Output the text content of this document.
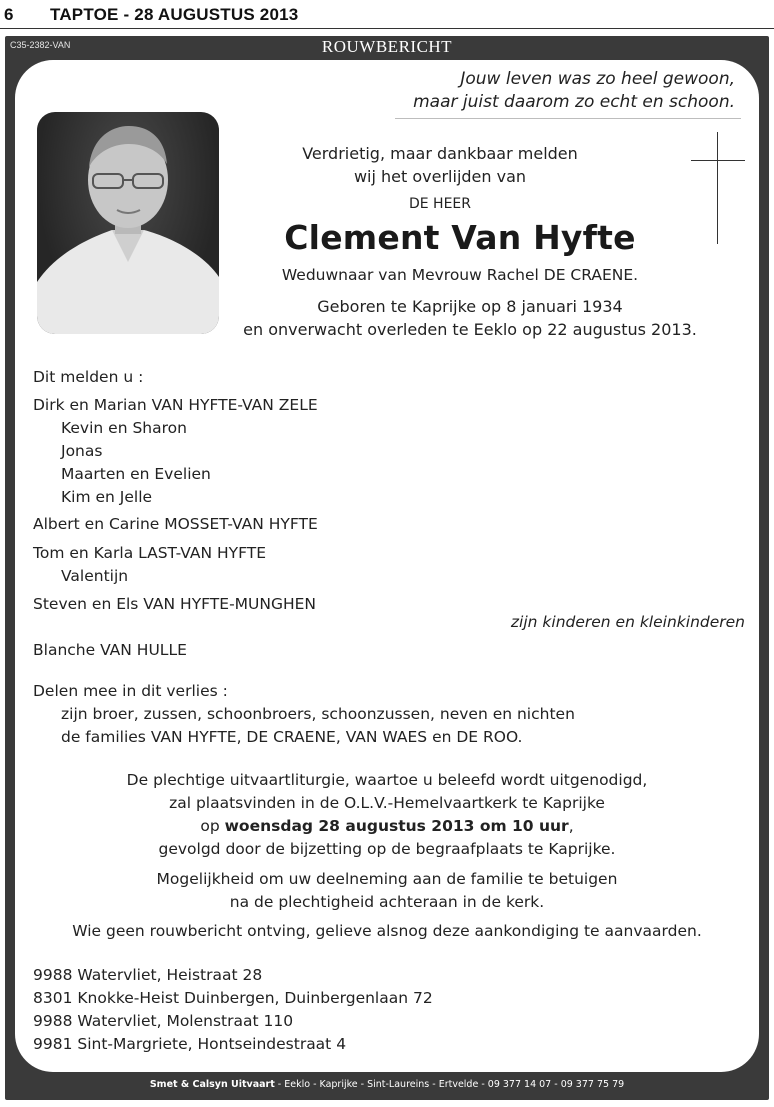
6 TAPTOE - 28 AUGUSTUS 2013
C35-2382-VAN	ROUWBERICHT
Jouw leven was zo heel gewoon,
maar juist daarom zo echt en schoon.
Verdrietig, maar dankbaar melden
wij het overlijden van
DE HEER
Clement Van Hyfte
Weduwnaar van Mevrouw Rachel DE CRAENE.
Geboren te Kaprijke op 8 januari 1934
en onverwacht overleden te Eeklo op 22 augustus 2013.
Dit melden u :
Dirk en Marian VAN HYFTE-VAN ZELE
Kevin en Sharon
Jonas
Maarten en Evelien
Kim en Jelle
Albert en Carine MOSSET-VAN HYFTE
Tom en Karla LAST-VAN HYFTE
Valentijn
Steven en Els VAN HYFTE-MUNGHEN
zijn kinderen en kleinkinderen
Blanche VAN HULLE
Delen mee in dit verlies :
zijn broer, zussen, schoonbroers, schoonzussen, neven en nichten
de families VAN HYFTE, DE CRAENE, VAN WAES en DE ROO.
De plechtige uitvaartliturgie, waartoe u beleefd wordt uitgenodigd,
zal plaatsvinden in de O.L.V.-Hemelvaartkerk te Kaprijke
op woensdag 28 augustus 2013 om 10 uur,
gevolgd door de bijzetting op de begraafplaats te Kaprijke.
Mogelijkheid om uw deelneming aan de familie te betuigen
na de plechtigheid achteraan in de kerk.
Wie geen rouwbericht ontving, gelieve alsnog deze aankondiging te aanvaarden.
9988 Watervliet, Heistraat 28
8301 Knokke-Heist Duinbergen, Duinbergenlaan 72
9988 Watervliet, Molenstraat 110
9981 Sint-Margriete, Hontseindestraat 4
Smet & Calsyn Uitvaart - Eeklo - Kaprijke - Sint-Laureins - Ertvelde - 09 377 14 07 - 09 377 75 79
